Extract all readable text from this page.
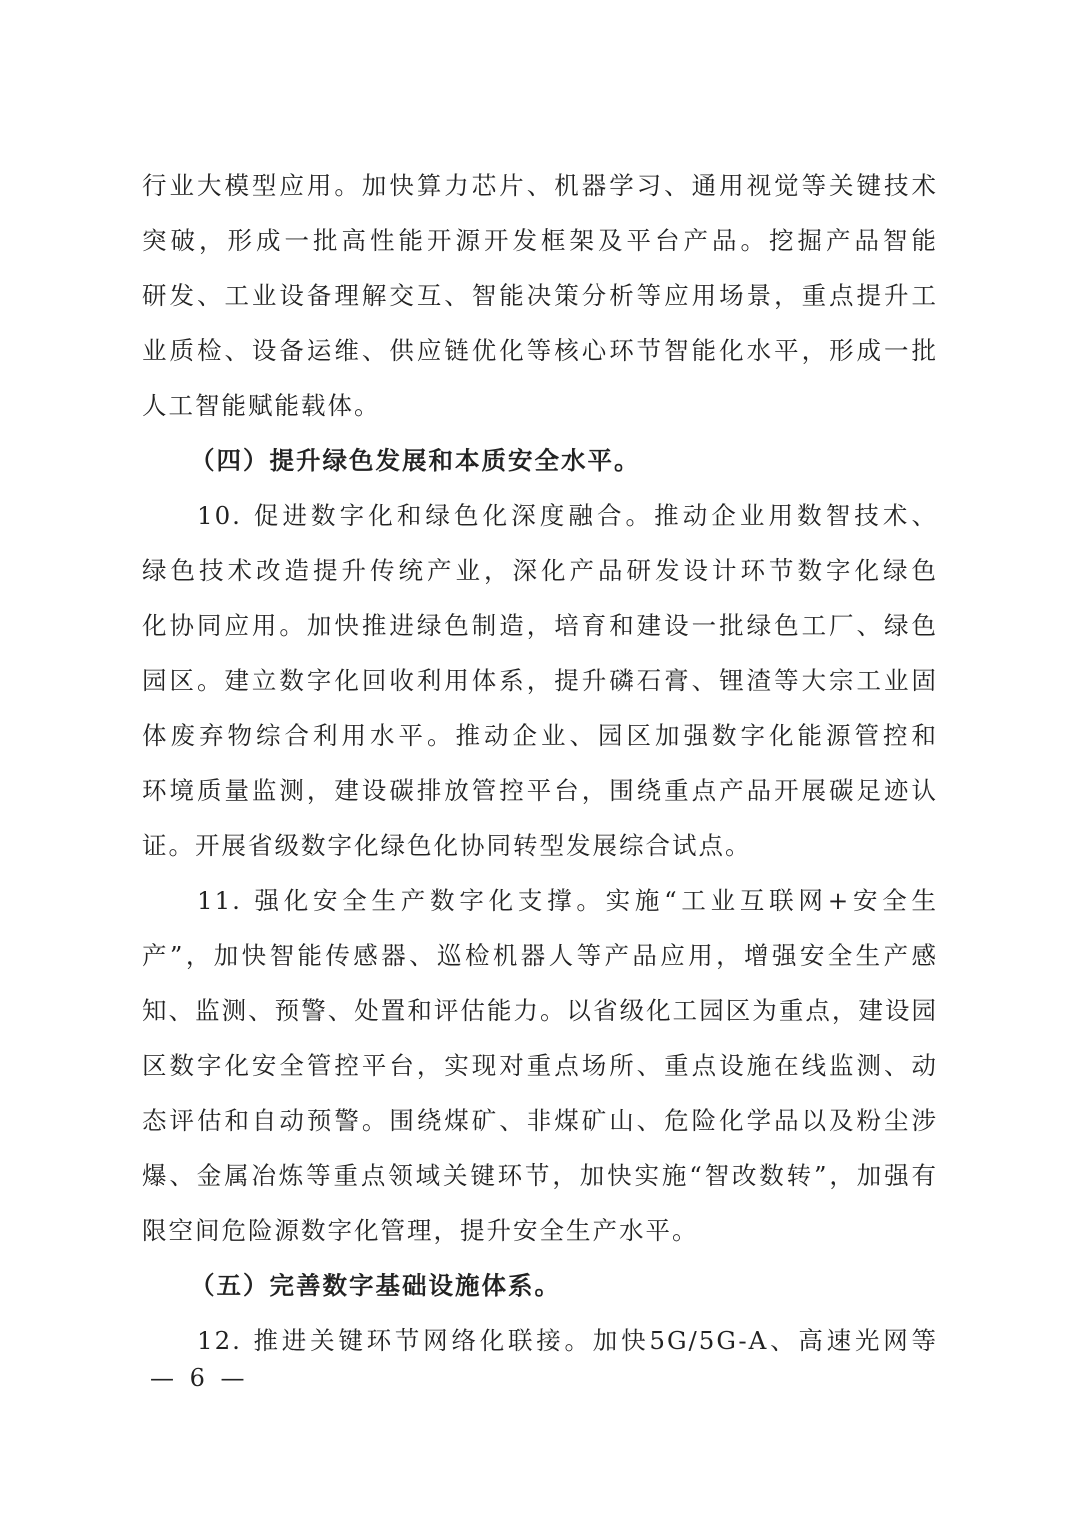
行业大模型应用。加快算力芯片、机器学习、通用视觉等关键技术
突破，形成一批高性能开源开发框架及平台产品。挖掘产品智能
研发、工业设备理解交互、智能决策分析等应用场景，重点提升工
业质检、设备运维、供应链优化等核心环节智能化水平，形成一批
人工智能赋能载体。
（四）提升绿色发展和本质安全水平。
10. 促进数字化和绿色化深度融合。推动企业用数智技术、
绿色技术改造提升传统产业，深化产品研发设计环节数字化绿色
化协同应用。加快推进绿色制造，培育和建设一批绿色工厂、绿色
园区。建立数字化回收利用体系，提升磷石膏、锂渣等大宗工业固
体废弃物综合利用水平。推动企业、园区加强数字化能源管控和
环境质量监测，建设碳排放管控平台，围绕重点产品开展碳足迹认
证。开展省级数字化绿色化协同转型发展综合试点。
11. 强化安全生产数字化支撑。实施“工业互联网+安全生
产”，加快智能传感器、巡检机器人等产品应用，增强安全生产感
知、监测、预警、处置和评估能力。以省级化工园区为重点，建设园
区数字化安全管控平台，实现对重点场所、重点设施在线监测、动
态评估和自动预警。围绕煤矿、非煤矿山、危险化学品以及粉尘涉
爆、金属冶炼等重点领域关键环节，加快实施“智改数转”，加强有
限空间危险源数字化管理，提升安全生产水平。
（五）完善数字基础设施体系。
12. 推进关键环节网络化联接。加快5G/5G-A、高速光网等
— 6 —
